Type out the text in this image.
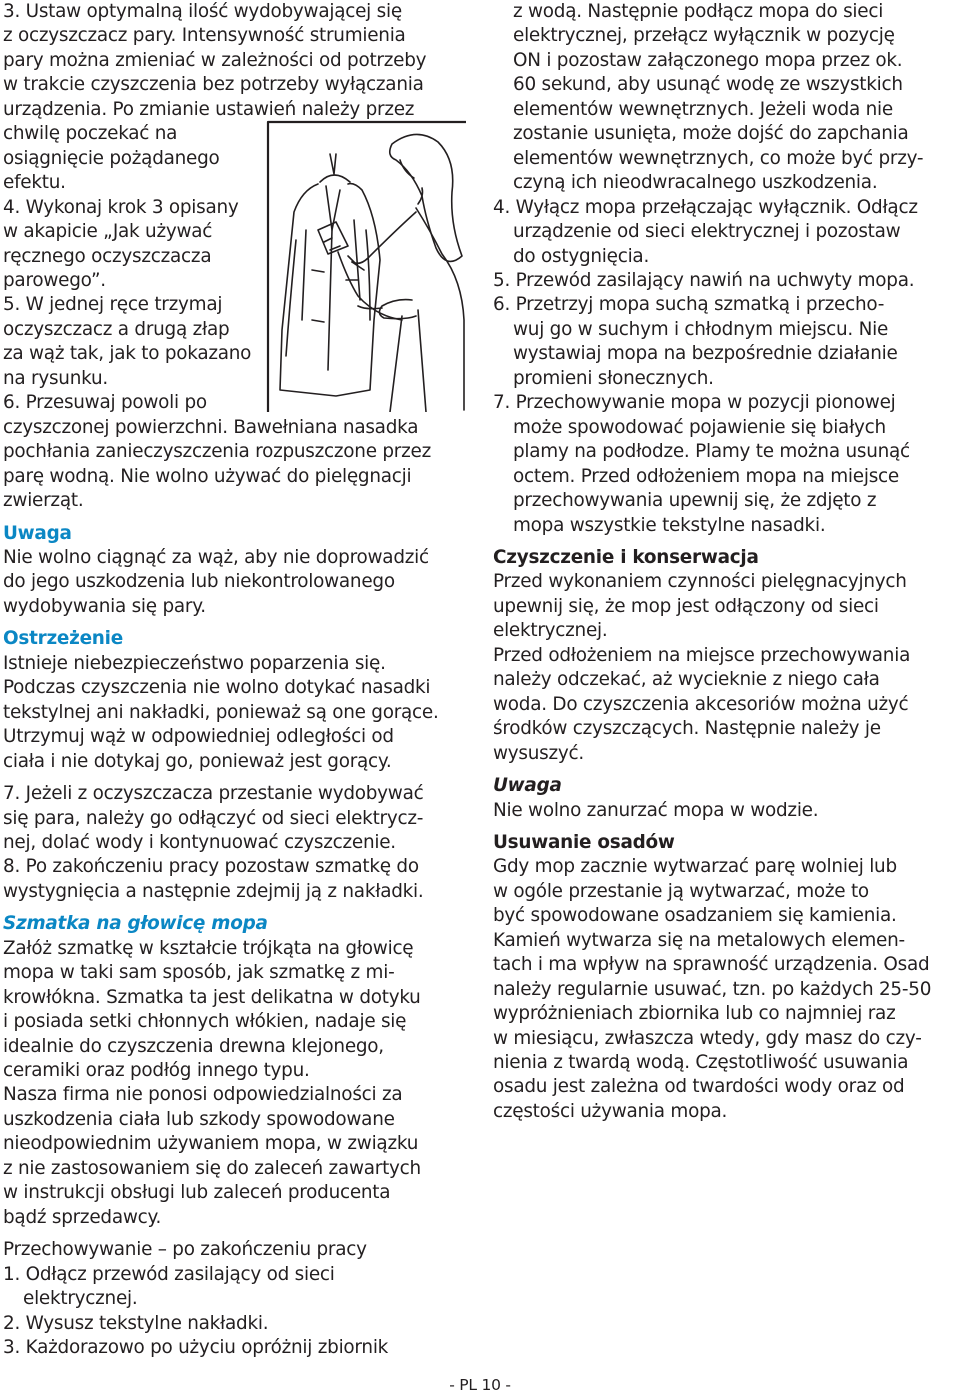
3. Ustaw optymalną ilość wydobywającej się

z oczyszczacz pary. Intensywność strumienia

pary można zmieniać w zależności od potrzeby

w trakcie czyszczenia bez potrzeby wyłączania

urządzenia. Po zmianie ustawień należy przez

chwilę poczekać na

osiągnięcie pożądanego

efektu.

4. Wykonaj krok 3 opisany

w akapicie „Jak używać

ręcznego oczyszczacza

parowego”.

5. W jednej ręce trzymaj

oczyszczacz a drugą złap

za wąż tak, jak to pokazano

na rysunku.

6. Przesuwaj powoli po

czyszczonej powierzchni. Bawełniana nasadka

pochłania zanieczyszczenia rozpuszczone przez

parę wodną. Nie wolno używać do pielęgnacji

zwierząt.

Uwaga

Nie wolno ciągnąć za wąż, aby nie doprowadzić

do jego uszkodzenia lub niekontrolowanego

wydobywania się pary.

Ostrzeżenie

Istnieje niebezpieczeństwo poparzenia się.

Podczas czyszczenia nie wolno dotykać nasadki

tekstylnej ani nakładki, ponieważ są one gorące.

Utrzymuj wąż w odpowiedniej odległości od

ciała i nie dotykaj go, ponieważ jest gorący.

7. Jeżeli z oczyszczacza przestanie wydobywać

się para, należy go odłączyć od sieci elektrycz-

nej, dolać wody i kontynuować czyszczenie.

8. Po zakończeniu pracy pozostaw szmatkę do

wystygnięcia a następnie zdejmij ją z nakładki.

Szmatka na głowicę mopa

Załóż szmatkę w kształcie trójkąta na głowicę

mopa w taki sam sposób, jak szmatkę z mi-

krowłókna. Szmatka ta jest delikatna w dotyku

i posiada setki chłonnych włókien, nadaje się

idealnie do czyszczenia drewna klejonego,

ceramiki oraz podłóg innego typu.

Nasza firma nie ponosi odpowiedzialności za

uszkodzenia ciała lub szkody spowodowane

nieodpowiednim używaniem mopa, w związku

z nie zastosowaniem się do zaleceń zawartych

w instrukcji obsługi lub zaleceń producenta

bądź sprzedawcy.

Przechowywanie – po zakończeniu pracy

1. Odłącz przewód zasilający od sieci

elektrycznej.

2. Wysusz tekstylne nakładki.

3. Każdorazowo po użyciu opróżnij zbiornik

z wodą. Następnie podłącz mopa do sieci

elektrycznej, przełącz wyłącznik w pozycję

ON i pozostaw załączonego mopa przez ok.

60 sekund, aby usunąć wodę ze wszystkich

elementów wewnętrznych. Jeżeli woda nie

zostanie usunięta, może dojść do zapchania

elementów wewnętrznych, co może być przy-

czyną ich nieodwracalnego uszkodzenia.

4. Wyłącz mopa przełączając wyłącznik. Odłącz

urządzenie od sieci elektrycznej i pozostaw

do ostygnięcia.

5. Przewód zasilający nawiń na uchwyty mopa.

6. Przetrzyj mopa suchą szmatką i przecho-

wuj go w suchym i chłodnym miejscu. Nie

wystawiaj mopa na bezpośrednie działanie

promieni słonecznych.

7. Przechowywanie mopa w pozycji pionowej

może spowodować pojawienie się białych

plamy na podłodze. Plamy te można usunąć

octem. Przed odłożeniem mopa na miejsce

przechowywania upewnij się, że zdjęto z

mopa wszystkie tekstylne nasadki.

Czyszczenie i konserwacja

Przed wykonaniem czynności pielęgnacyjnych

upewnij się, że mop jest odłączony od sieci

elektrycznej.

Przed odłożeniem na miejsce przechowywania

należy odczekać, aż wycieknie z niego cała

woda. Do czyszczenia akcesoriów można użyć

środków czyszczących. Następnie należy je

wysuszyć.

Uwaga

Nie wolno zanurzać mopa w wodzie.

Usuwanie osadów

Gdy mop zacznie wytwarzać parę wolniej lub

w ogóle przestanie ją wytwarzać, może to

być spowodowane osadzaniem się kamienia.

Kamień wytwarza się na metalowych elemen-

tach i ma wpływ na sprawność urządzenia. Osad

należy regularnie usuwać, tzn. po każdych 25-50

wypróżnieniach zbiornika lub co najmniej raz

w miesiącu, zwłaszcza wtedy, gdy masz do czy-

nienia z twardą wodą. Częstotliwość usuwania

osadu jest zależna od twardości wody oraz od

częstości używania mopa.

- PL 10 -
